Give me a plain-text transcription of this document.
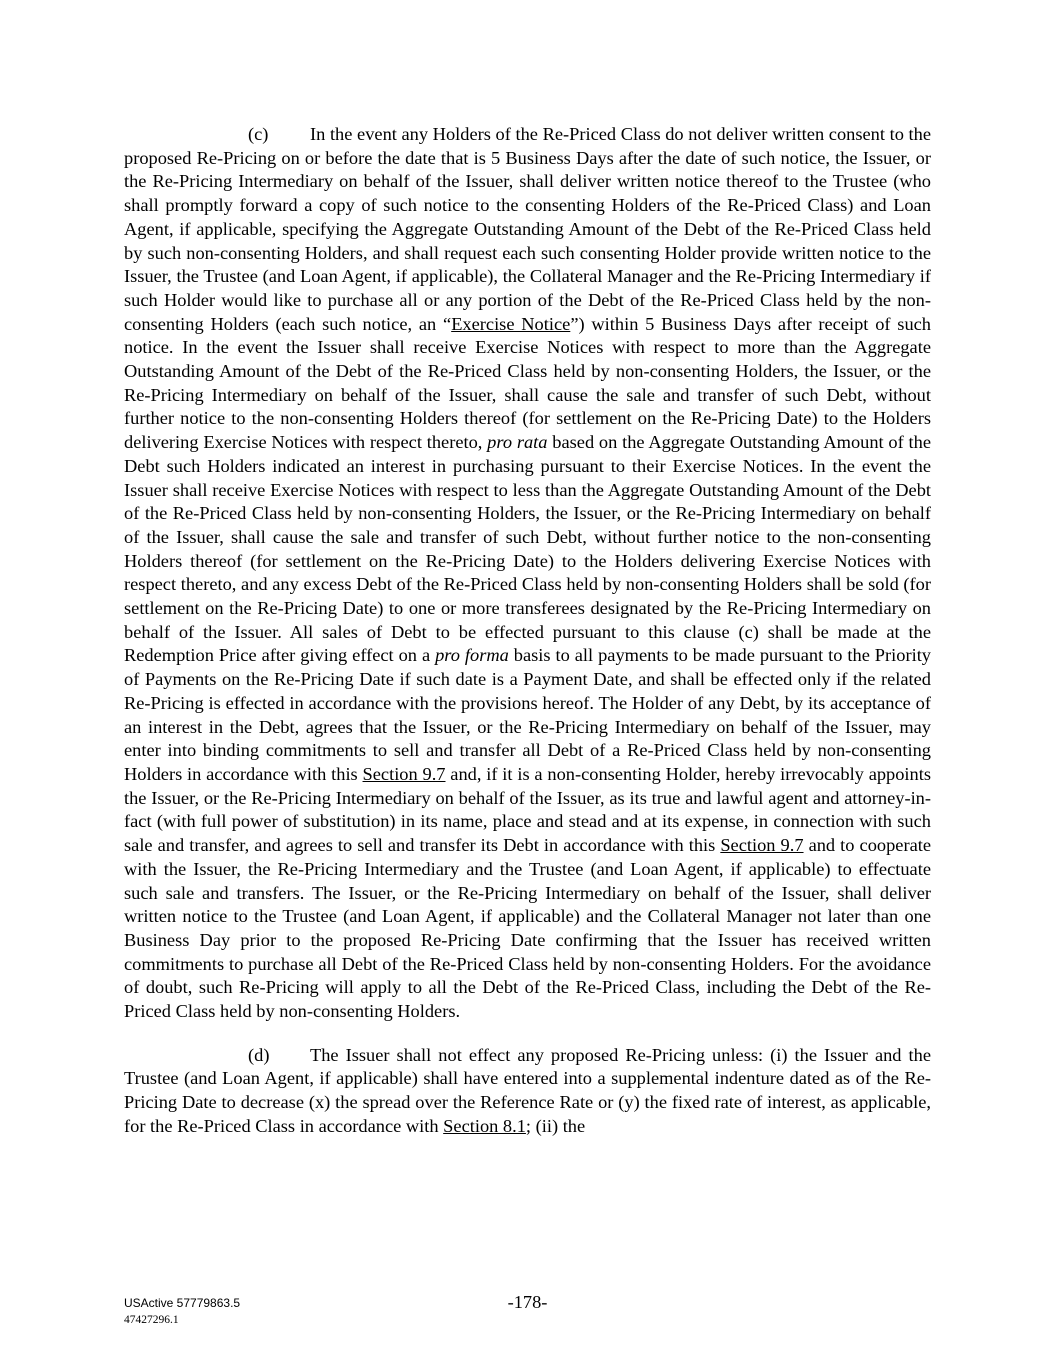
(c) In the event any Holders of the Re-Priced Class do not deliver written consent to the proposed Re-Pricing on or before the date that is 5 Business Days after the date of such notice, the Issuer, or the Re-Pricing Intermediary on behalf of the Issuer, shall deliver written notice thereof to the Trustee (who shall promptly forward a copy of such notice to the consenting Holders of the Re-Priced Class) and Loan Agent, if applicable, specifying the Aggregate Outstanding Amount of the Debt of the Re-Priced Class held by such non-consenting Holders, and shall request each such consenting Holder provide written notice to the Issuer, the Trustee (and Loan Agent, if applicable), the Collateral Manager and the Re-Pricing Intermediary if such Holder would like to purchase all or any portion of the Debt of the Re-Priced Class held by the non-consenting Holders (each such notice, an “Exercise Notice”) within 5 Business Days after receipt of such notice. In the event the Issuer shall receive Exercise Notices with respect to more than the Aggregate Outstanding Amount of the Debt of the Re-Priced Class held by non-consenting Holders, the Issuer, or the Re-Pricing Intermediary on behalf of the Issuer, shall cause the sale and transfer of such Debt, without further notice to the non-consenting Holders thereof (for settlement on the Re-Pricing Date) to the Holders delivering Exercise Notices with respect thereto, pro rata based on the Aggregate Outstanding Amount of the Debt such Holders indicated an interest in purchasing pursuant to their Exercise Notices. In the event the Issuer shall receive Exercise Notices with respect to less than the Aggregate Outstanding Amount of the Debt of the Re-Priced Class held by non-consenting Holders, the Issuer, or the Re-Pricing Intermediary on behalf of the Issuer, shall cause the sale and transfer of such Debt, without further notice to the non-consenting Holders thereof (for settlement on the Re-Pricing Date) to the Holders delivering Exercise Notices with respect thereto, and any excess Debt of the Re-Priced Class held by non-consenting Holders shall be sold (for settlement on the Re-Pricing Date) to one or more transferees designated by the Re-Pricing Intermediary on behalf of the Issuer. All sales of Debt to be effected pursuant to this clause (c) shall be made at the Redemption Price after giving effect on a pro forma basis to all payments to be made pursuant to the Priority of Payments on the Re-Pricing Date if such date is a Payment Date, and shall be effected only if the related Re-Pricing is effected in accordance with the provisions hereof. The Holder of any Debt, by its acceptance of an interest in the Debt, agrees that the Issuer, or the Re-Pricing Intermediary on behalf of the Issuer, may enter into binding commitments to sell and transfer all Debt of a Re-Priced Class held by non-consenting Holders in accordance with this Section 9.7 and, if it is a non-consenting Holder, hereby irrevocably appoints the Issuer, or the Re-Pricing Intermediary on behalf of the Issuer, as its true and lawful agent and attorney-in-fact (with full power of substitution) in its name, place and stead and at its expense, in connection with such sale and transfer, and agrees to sell and transfer its Debt in accordance with this Section 9.7 and to cooperate with the Issuer, the Re-Pricing Intermediary and the Trustee (and Loan Agent, if applicable) to effectuate such sale and transfers. The Issuer, or the Re-Pricing Intermediary on behalf of the Issuer, shall deliver written notice to the Trustee (and Loan Agent, if applicable) and the Collateral Manager not later than one Business Day prior to the proposed Re-Pricing Date confirming that the Issuer has received written commitments to purchase all Debt of the Re-Priced Class held by non-consenting Holders. For the avoidance of doubt, such Re-Pricing will apply to all the Debt of the Re-Priced Class, including the Debt of the Re-Priced Class held by non-consenting Holders.

(d) The Issuer shall not effect any proposed Re-Pricing unless: (i) the Issuer and the Trustee (and Loan Agent, if applicable) shall have entered into a supplemental indenture dated as of the Re-Pricing Date to decrease (x) the spread over the Reference Rate or (y) the fixed rate of interest, as applicable, for the Re-Priced Class in accordance with Section 8.1; (ii) the

-178-
USActive 57779863.5
47427296.1
